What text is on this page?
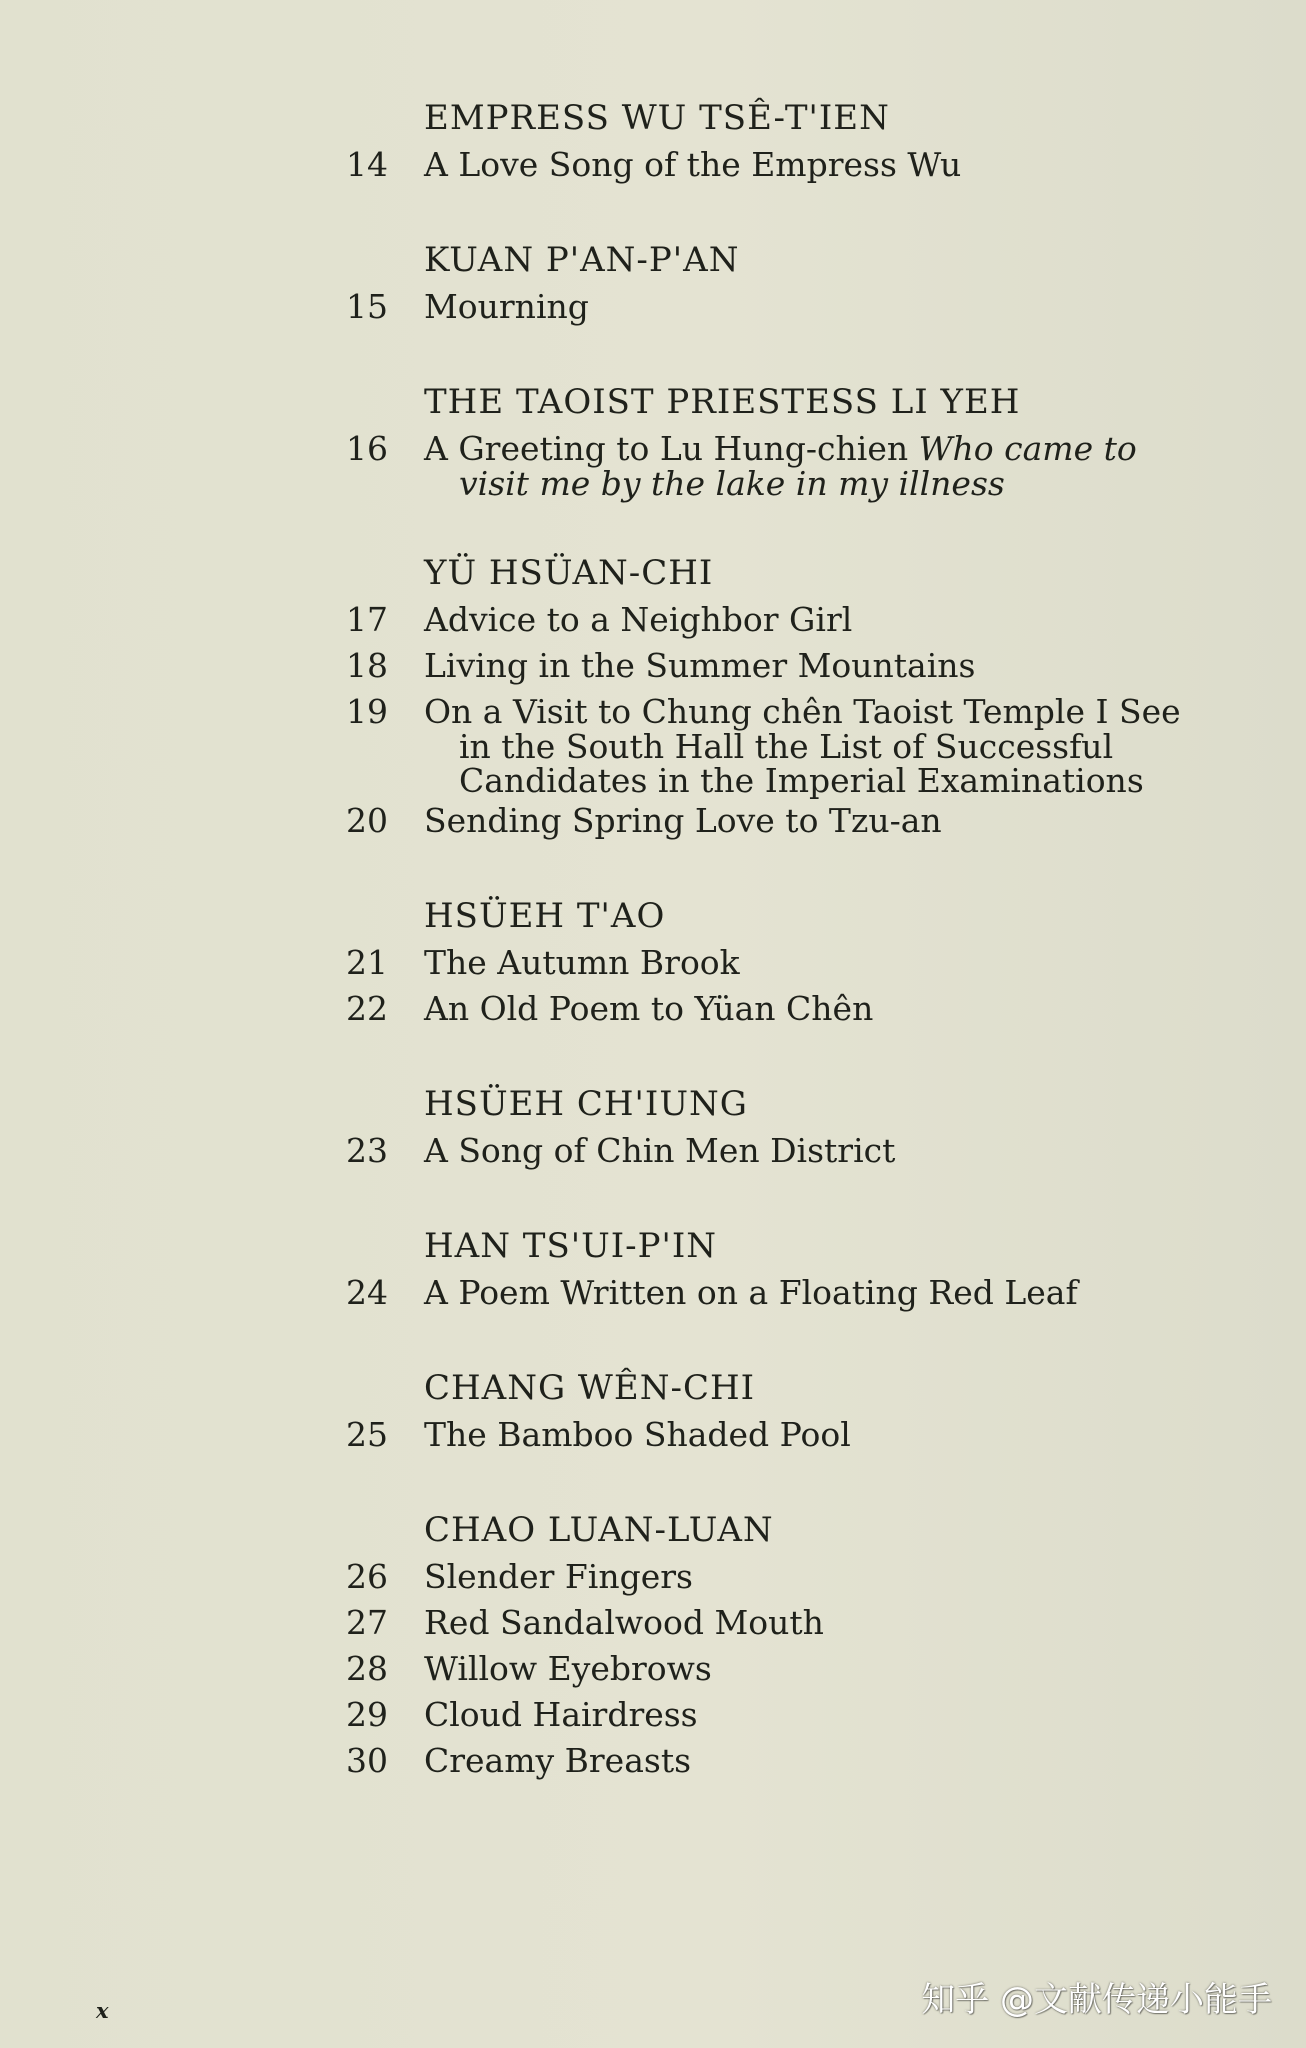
EMPRESS WU TSÊ-T'IEN
14 A Love Song of the Empress Wu
KUAN P'AN-P'AN
15 Mourning
THE TAOIST PRIESTESS LI YEH
16 A Greeting to Lu Hung-chien Who came to
visit me by the lake in my illness
YÜ HSÜAN-CHI
17 Advice to a Neighbor Girl
18 Living in the Summer Mountains
19 On a Visit to Chung chên Taoist Temple I See
in the South Hall the List of Successful
Candidates in the Imperial Examinations
20 Sending Spring Love to Tzu-an
HSÜEH T'AO
21 The Autumn Brook
22 An Old Poem to Yüan Chên
HSÜEH CH'IUNG
23 A Song of Chin Men District
HAN TS'UI-P'IN
24 A Poem Written on a Floating Red Leaf
CHANG WÊN-CHI
25 The Bamboo Shaded Pool
CHAO LUAN-LUAN
26 Slender Fingers
27 Red Sandalwood Mouth
28 Willow Eyebrows
29 Cloud Hairdress
30 Creamy Breasts
x	知乎 @文献传递小能手
